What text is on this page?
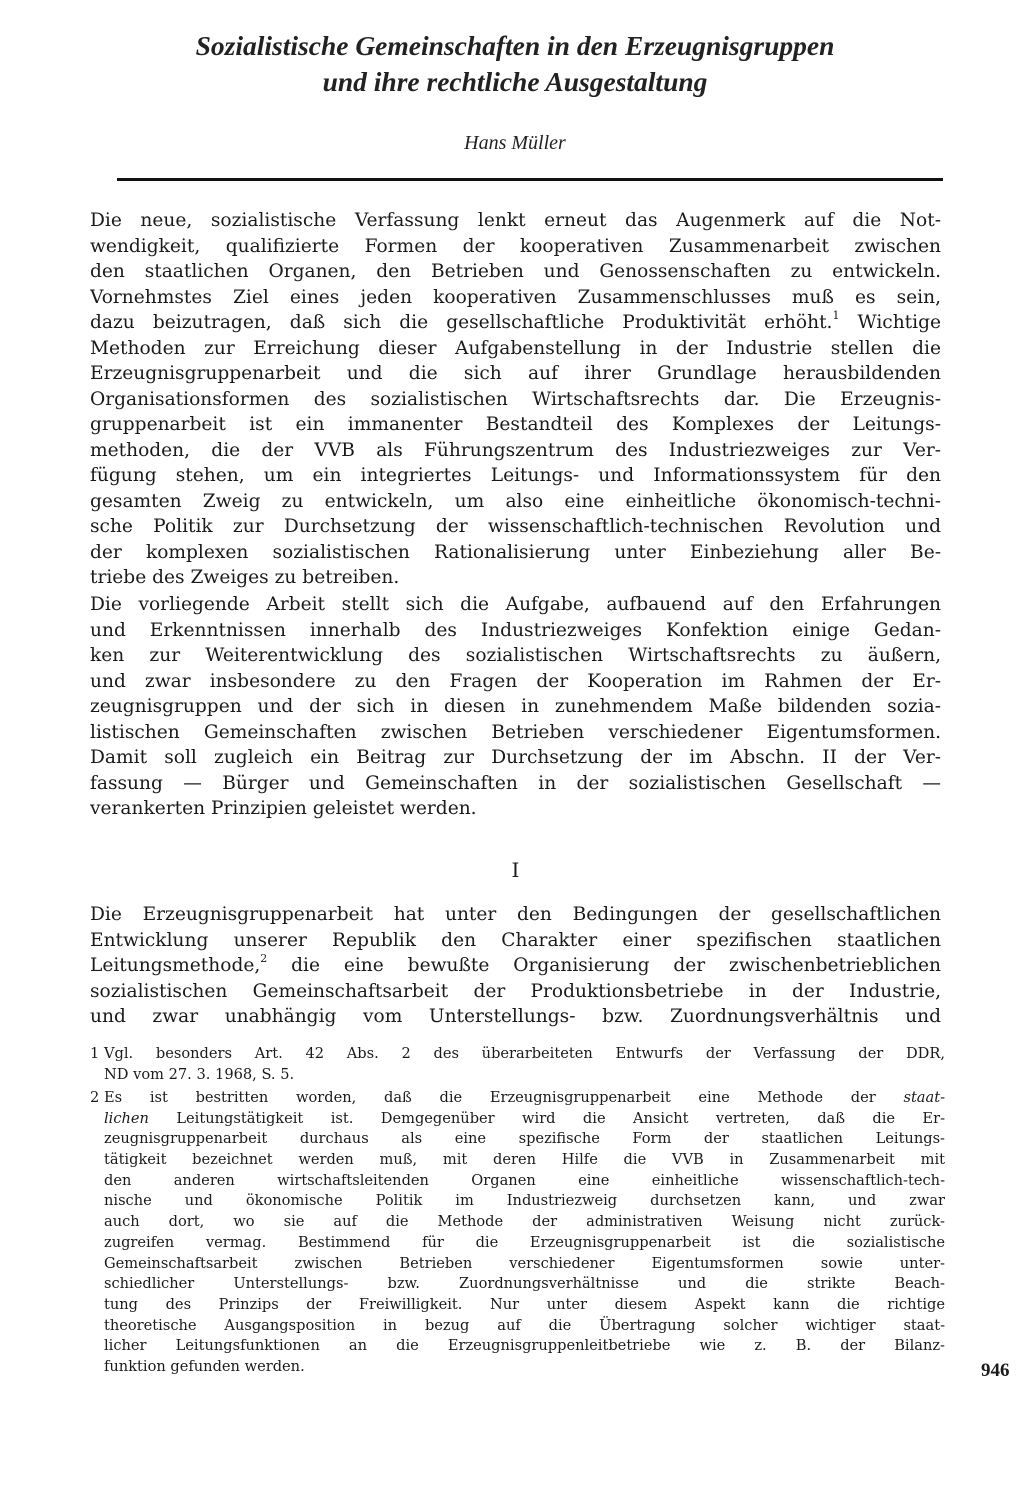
Sozialistische Gemeinschaften in den Erzeugnisgruppen
und ihre rechtliche Ausgestaltung
Hans Müller
Die neue, sozialistische Verfassung lenkt erneut das Augenmerk auf die Not-
wendigkeit, qualifizierte Formen der kooperativen Zusammenarbeit zwischen
den staatlichen Organen, den Betrieben und Genossenschaften zu entwickeln.
Vornehmstes Ziel eines jeden kooperativen Zusammenschlusses muß es sein,
dazu beizutragen, daß sich die gesellschaftliche Produktivität erhöht.$^1$ Wichtige
Methoden zur Erreichung dieser Aufgabenstellung in der Industrie stellen die
Erzeugnisgruppenarbeit und die sich auf ihrer Grundlage herausbildenden
Organisationsformen des sozialistischen Wirtschaftsrechts dar. Die Erzeugnis-
gruppenarbeit ist ein immanenter Bestandteil des Komplexes der Leitungs-
methoden, die der VVB als Führungszentrum des Industriezweiges zur Ver-
fügung stehen, um ein integriertes Leitungs- und Informationssystem für den
gesamten Zweig zu entwickeln, um also eine einheitliche ökonomisch-techni-
sche Politik zur Durchsetzung der wissenschaftlich-technischen Revolution und
der komplexen sozialistischen Rationalisierung unter Einbeziehung aller Be-
triebe des Zweiges zu betreiben.
Die vorliegende Arbeit stellt sich die Aufgabe, aufbauend auf den Erfahrungen
und Erkenntnissen innerhalb des Industriezweiges Konfektion einige Gedan-
ken zur Weiterentwicklung des sozialistischen Wirtschaftsrechts zu äußern,
und zwar insbesondere zu den Fragen der Kooperation im Rahmen der Er-
zeugnisgruppen und der sich in diesen in zunehmendem Maße bildenden sozia-
listischen Gemeinschaften zwischen Betrieben verschiedener Eigentumsformen.
Damit soll zugleich ein Beitrag zur Durchsetzung der im Abschn. II der Ver-
fassung — Bürger und Gemeinschaften in der sozialistischen Gesellschaft —
verankerten Prinzipien geleistet werden.
I
Die Erzeugnisgruppenarbeit hat unter den Bedingungen der gesellschaftlichen
Entwicklung unserer Republik den Charakter einer spezifischen staatlichen
Leitungsmethode,$^2$ die eine bewußte Organisierung der zwischenbetrieblichen
sozialistischen Gemeinschaftsarbeit der Produktionsbetriebe in der Industrie,
und zwar unabhängig vom Unterstellungs- bzw. Zuordnungsverhältnis und
1 Vgl. besonders Art. 42 Abs. 2 des überarbeiteten Entwurfs der Verfassung der DDR,
ND vom 27. 3. 1968, S. 5.
2 Es ist bestritten worden, daß die Erzeugnisgruppenarbeit eine Methode der staat-
lichen Leitungstätigkeit ist. Demgegenüber wird die Ansicht vertreten, daß die Er-
zeugnisgruppenarbeit durchaus als eine spezifische Form der staatlichen Leitungs-
tätigkeit bezeichnet werden muß, mit deren Hilfe die VVB in Zusammenarbeit mit
den anderen wirtschaftsleitenden Organen eine einheitliche wissenschaftlich-tech-
nische und ökonomische Politik im Industriezweig durchsetzen kann, und zwar
auch dort, wo sie auf die Methode der administrativen Weisung nicht zurück-
zugreifen vermag. Bestimmend für die Erzeugnisgruppenarbeit ist die sozialistische
Gemeinschaftsarbeit zwischen Betrieben verschiedener Eigentumsformen sowie unter-
schiedlicher Unterstellungs- bzw. Zuordnungsverhältnisse und die strikte Beach-
tung des Prinzips der Freiwilligkeit. Nur unter diesem Aspekt kann die richtige
theoretische Ausgangsposition in bezug auf die Übertragung solcher wichtiger staat-
licher Leitungsfunktionen an die Erzeugnisgruppenleitbetriebe wie z. B. der Bilanz-
funktion gefunden werden.	946
